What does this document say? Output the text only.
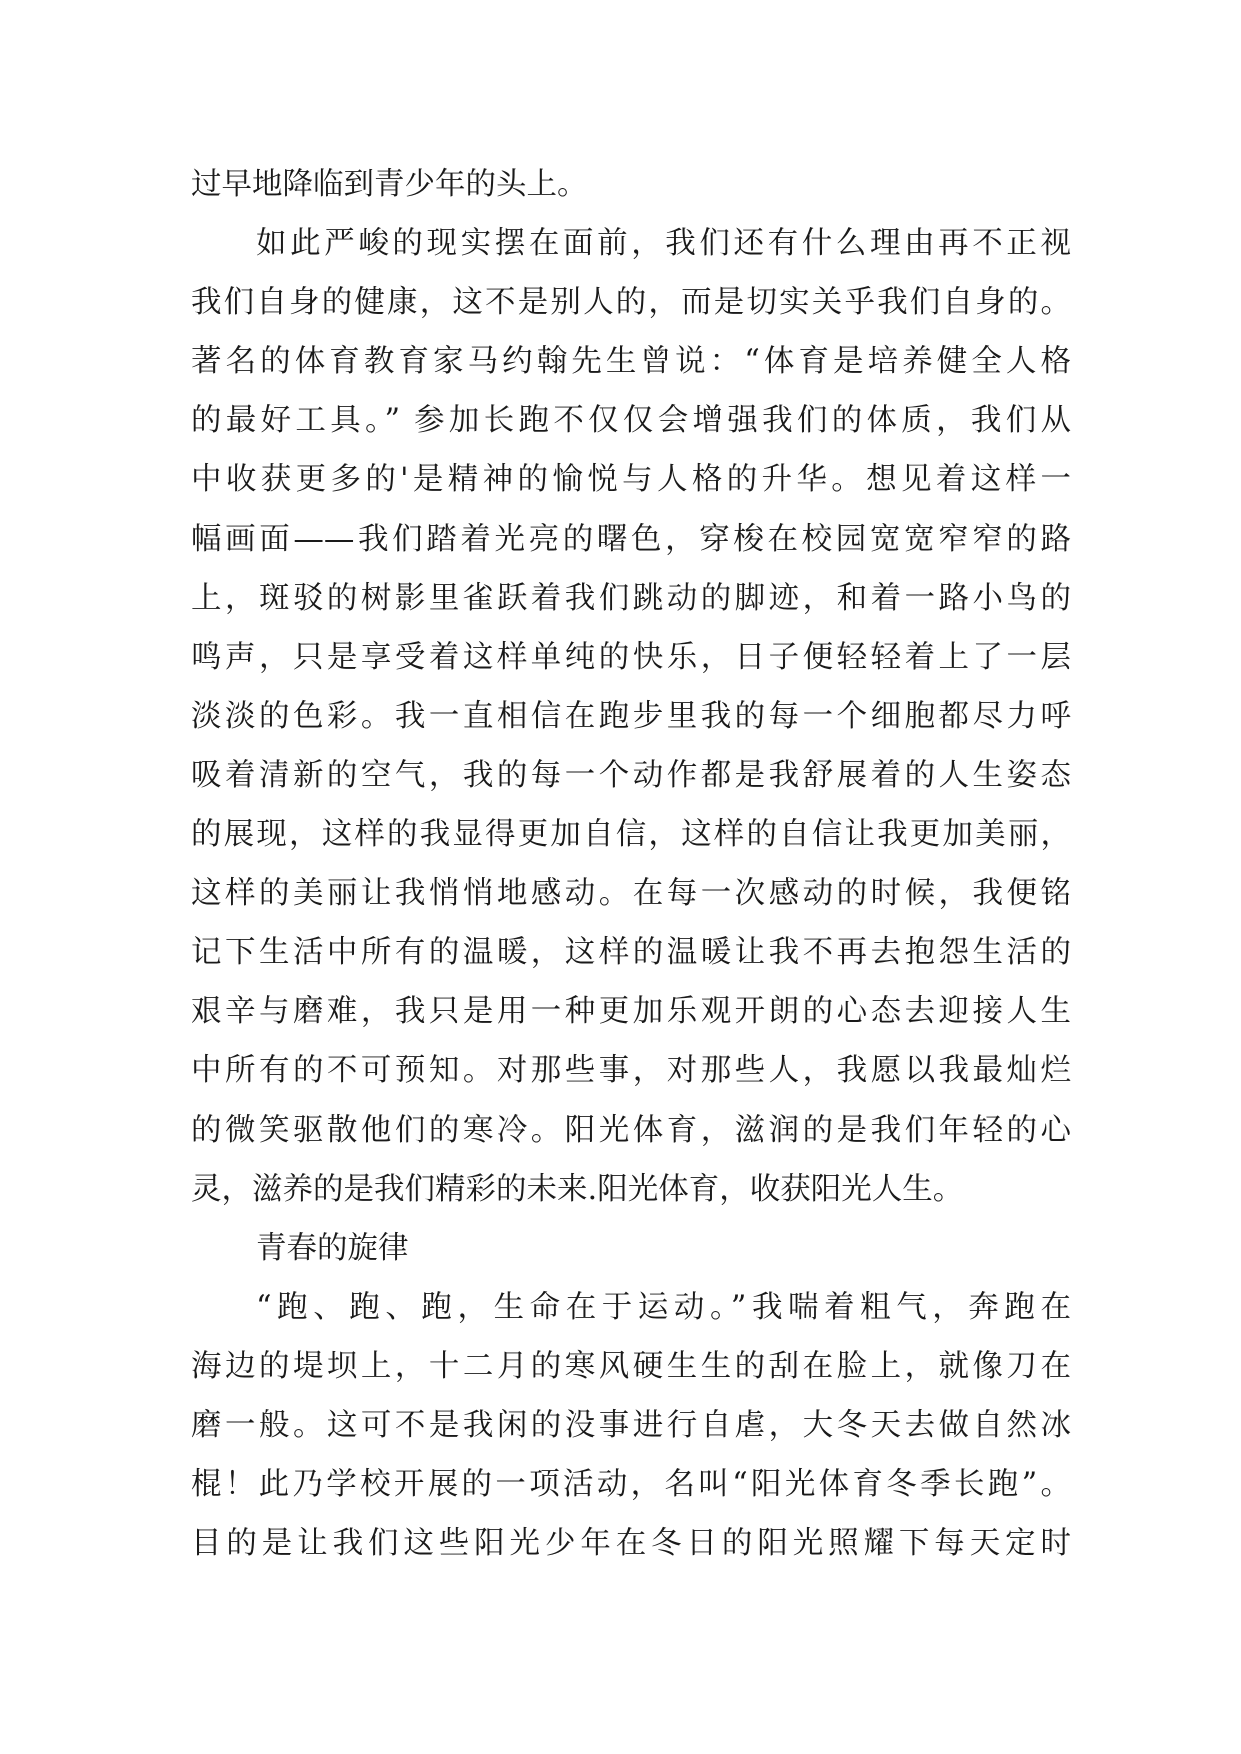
过早地降临到青少年的头上。
如此严峻的现实摆在面前，我们还有什么理由再不正视
我们自身的健康，这不是别人的，而是切实关乎我们自身的。
著名的体育教育家马约翰先生曾说：“体育是培养健全人格
的最好工具。” 参加长跑不仅仅会增强我们的体质，我们从
中收获更多的'是精神的愉悦与人格的升华。想见着这样一
幅画面——我们踏着光亮的曙色，穿梭在校园宽宽窄窄的路
上，斑驳的树影里雀跃着我们跳动的脚迹，和着一路小鸟的
鸣声，只是享受着这样单纯的快乐，日子便轻轻着上了一层
淡淡的色彩。我一直相信在跑步里我的每一个细胞都尽力呼
吸着清新的空气，我的每一个动作都是我舒展着的人生姿态
的展现，这样的我显得更加自信，这样的自信让我更加美丽，
这样的美丽让我悄悄地感动。在每一次感动的时候，我便铭
记下生活中所有的温暖，这样的温暖让我不再去抱怨生活的
艰辛与磨难，我只是用一种更加乐观开朗的心态去迎接人生
中所有的不可预知。对那些事，对那些人，我愿以我最灿烂
的微笑驱散他们的寒冷。阳光体育，滋润的是我们年轻的心
灵，滋养的是我们精彩的未来.阳光体育，收获阳光人生。
青春的旋律
“跑、跑、跑，生命在于运动。”我喘着粗气，奔跑在
海边的堤坝上，十二月的寒风硬生生的刮在脸上，就像刀在
磨一般。这可不是我闲的没事进行自虐，大冬天去做自然冰
棍！此乃学校开展的一项活动，名叫“阳光体育冬季长跑”。
目的是让我们这些阳光少年在冬日的阳光照耀下每天定时
